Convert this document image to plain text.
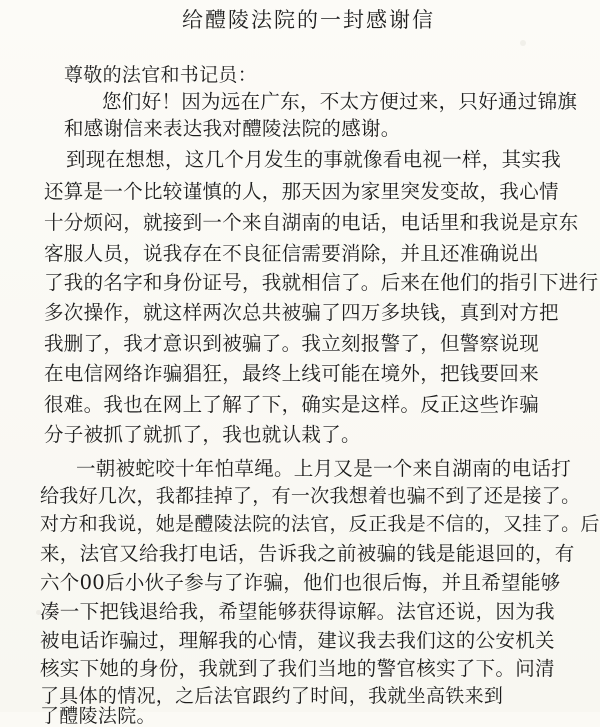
给醴陵法院的一封感谢信
尊敬的法官和书记员：
您们好！因为远在广东，不太方便过来，只好通过锦旗
和感谢信来表达我对醴陵法院的感谢。
到现在想想，这几个月发生的事就像看电视一样，其实我
还算是一个比较谨慎的人，那天因为家里突发变故，我心情
十分烦闷，就接到一个来自湖南的电话，电话里和我说是京东
客服人员，说我存在不良征信需要消除，并且还准确说出
了我的名字和身份证号，我就相信了。后来在他们的指引下进行
多次操作，就这样两次总共被骗了四万多块钱，真到对方把
我删了，我才意识到被骗了。我立刻报警了，但警察说现
在电信网络诈骗猖狂，最终上线可能在境外，把钱要回来
很难。我也在网上了解了下，确实是这样。反正这些诈骗
分子被抓了就抓了，我也就认栽了。
一朝被蛇咬十年怕草绳。上月又是一个来自湖南的电话打
给我好几次，我都挂掉了，有一次我想着也骗不到了还是接了。
对方和我说，她是醴陵法院的法官，反正我是不信的，又挂了。后
来，法官又给我打电话，告诉我之前被骗的钱是能退回的，有
六个00后小伙子参与了诈骗，他们也很后悔，并且希望能够
凑一下把钱退给我，希望能够获得谅解。法官还说，因为我
被电话诈骗过，理解我的心情，建议我去我们这的公安机关
核实下她的身份，我就到了我们当地的警官核实了下。问清
了具体的情况，之后法官跟约了时间，我就坐高铁来到
了醴陵法院。
